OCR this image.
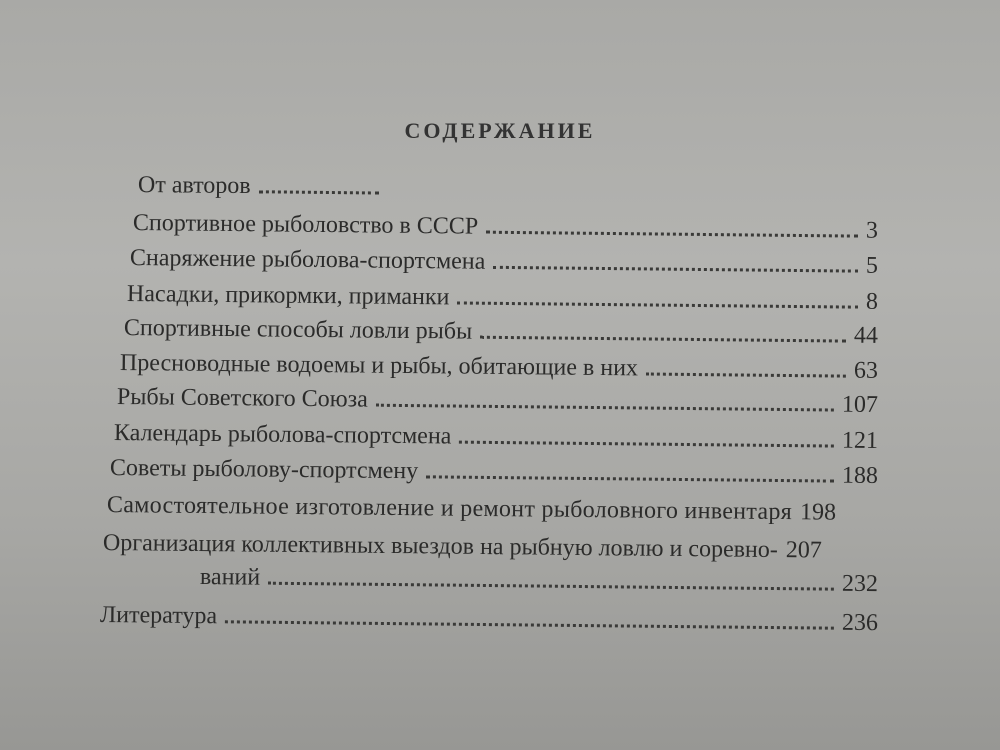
СОДЕРЖАНИЕ
От авторов
Спортивное рыболовство в СССР	3
Снаряжение рыболова-спортсмена	5
Насадки, прикормки, приманки	8
Спортивные способы ловли рыбы	44
Пресноводные водоемы и рыбы, обитающие в них	63
Рыбы Советского Союза	107
Календарь рыболова-спортсмена	121
Советы рыболову-спортсмену	188
Самостоятельное изготовление и ремонт рыболовного инвентаря 198
Организация коллективных выездов на рыбную ловлю и соревно- 207
ваний	232
Литература	236
